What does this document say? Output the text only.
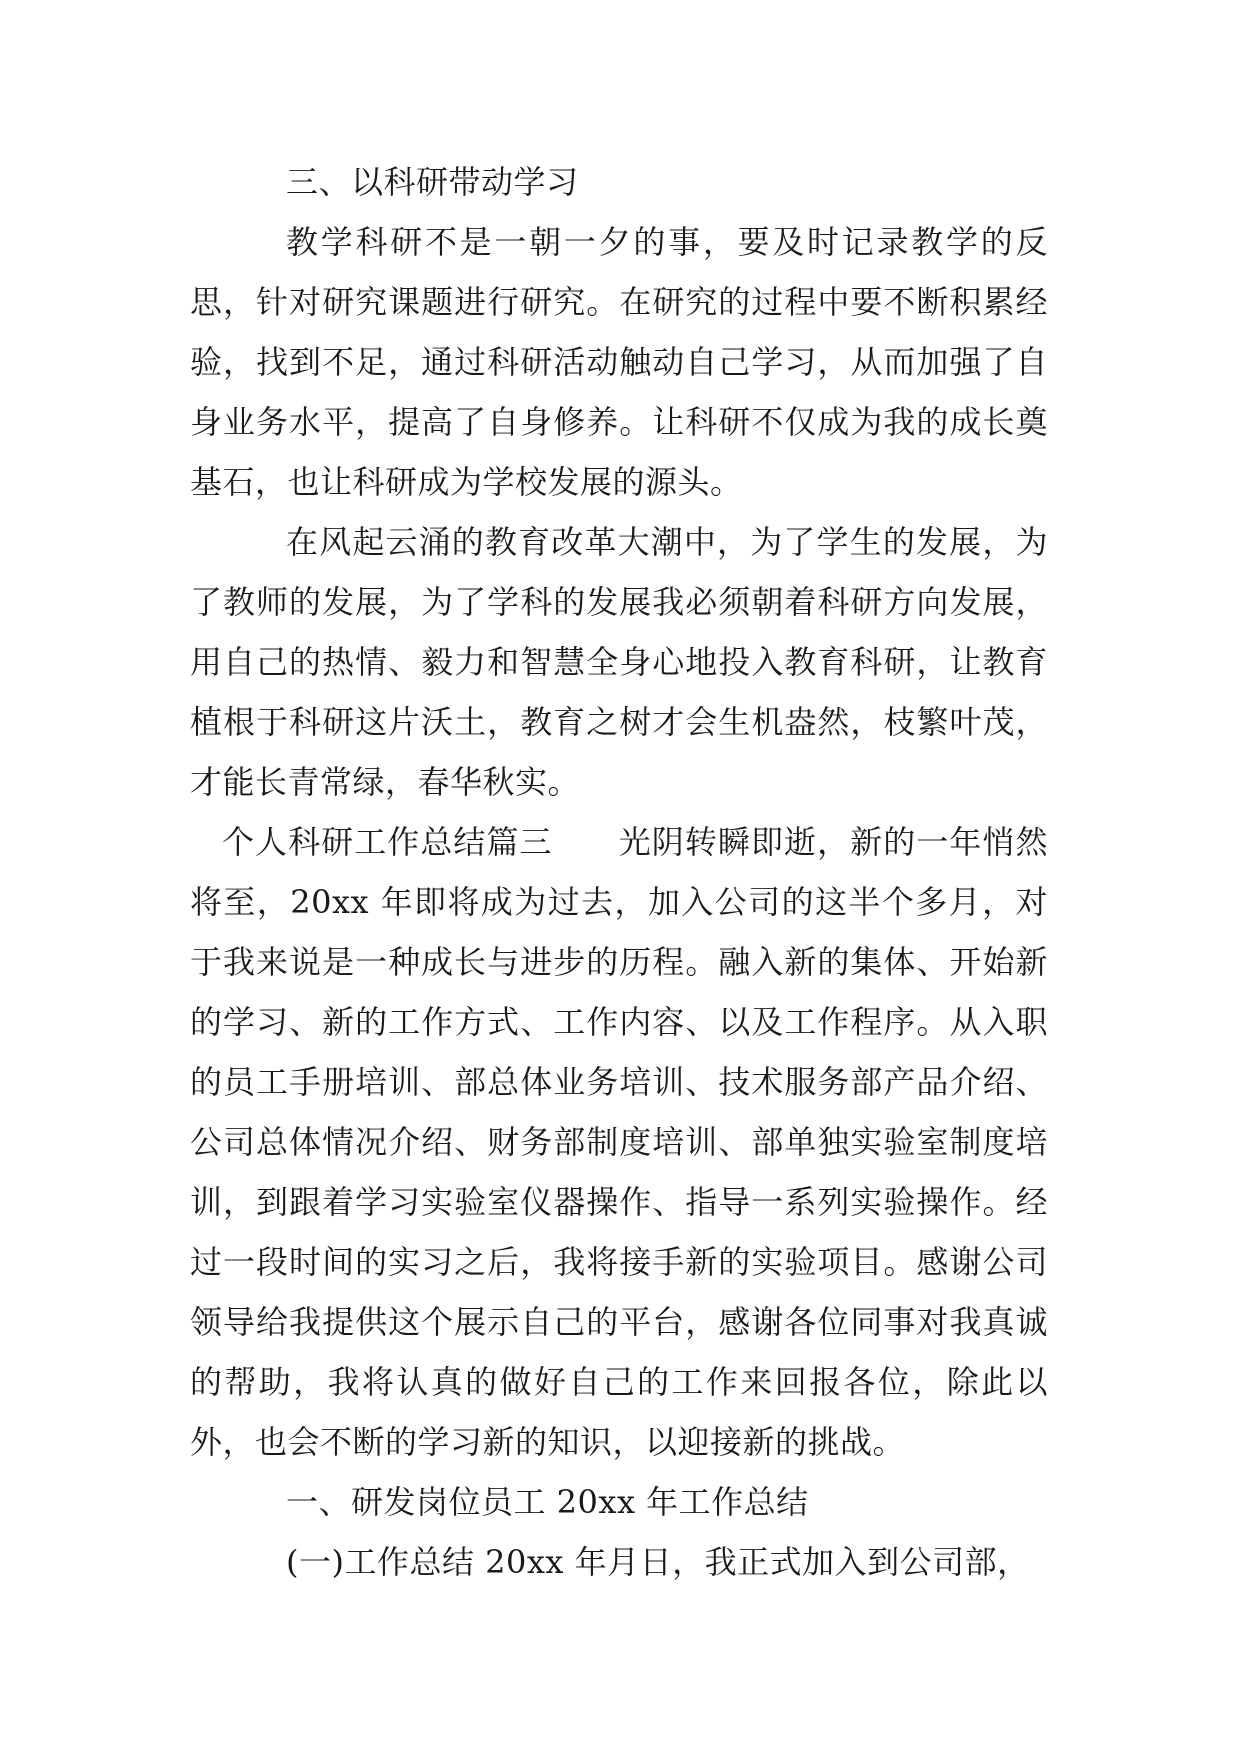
三、以科研带动学习

教学科研不是一朝一夕的事，要及时记录教学的反思，针对研究课题进行研究。在研究的过程中要不断积累经验，找到不足，通过科研活动触动自己学习，从而加强了自身业务水平，提高了自身修养。让科研不仅成为我的成长奠基石，也让科研成为学校发展的源头。

在风起云涌的教育改革大潮中，为了学生的发展，为了教师的发展，为了学科的发展我必须朝着科研方向发展，用自己的热情、毅力和智慧全身心地投入教育科研，让教育植根于科研这片沃土，教育之树才会生机盎然，枝繁叶茂，才能长青常绿，春华秋实。

个人科研工作总结篇三　　光阴转瞬即逝，新的一年悄然将至，20xx 年即将成为过去，加入公司的这半个多月，对于我来说是一种成长与进步的历程。融入新的集体、开始新的学习、新的工作方式、工作内容、以及工作程序。从入职的员工手册培训、部总体业务培训、技术服务部产品介绍、公司总体情况介绍、财务部制度培训、部单独实验室制度培训，到跟着学习实验室仪器操作、指导一系列实验操作。经过一段时间的实习之后，我将接手新的实验项目。感谢公司领导给我提供这个展示自己的平台，感谢各位同事对我真诚的帮助，我将认真的做好自己的工作来回报各位，除此以外，也会不断的学习新的知识，以迎接新的挑战。

一、研发岗位员工 20xx 年工作总结

(一)工作总结 20xx 年月日，我正式加入到公司部，
